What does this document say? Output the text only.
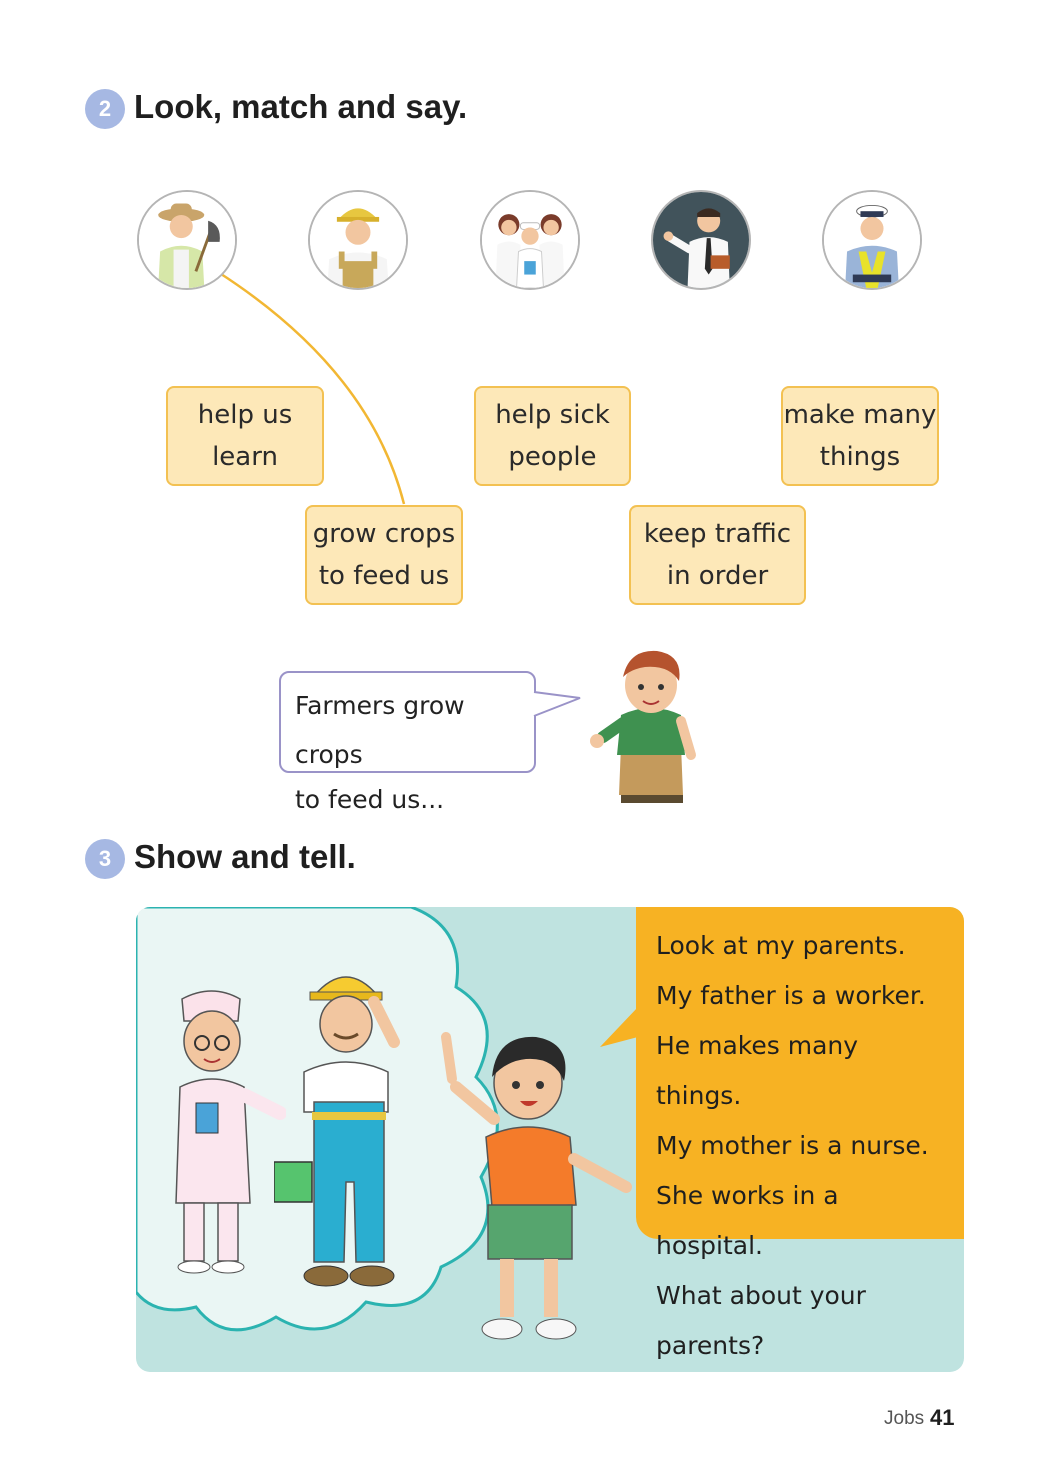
2 Look, match and say.
help us
learn
help sick
people
make many
things
grow crops
to feed us
keep traffic
in order
Farmers grow crops
to feed us...
3 Show and tell.
Look at my parents.
My father is a worker.
He makes many things.
My mother is a nurse.
She works in a hospital.
What about your parents?
Jobs 41
